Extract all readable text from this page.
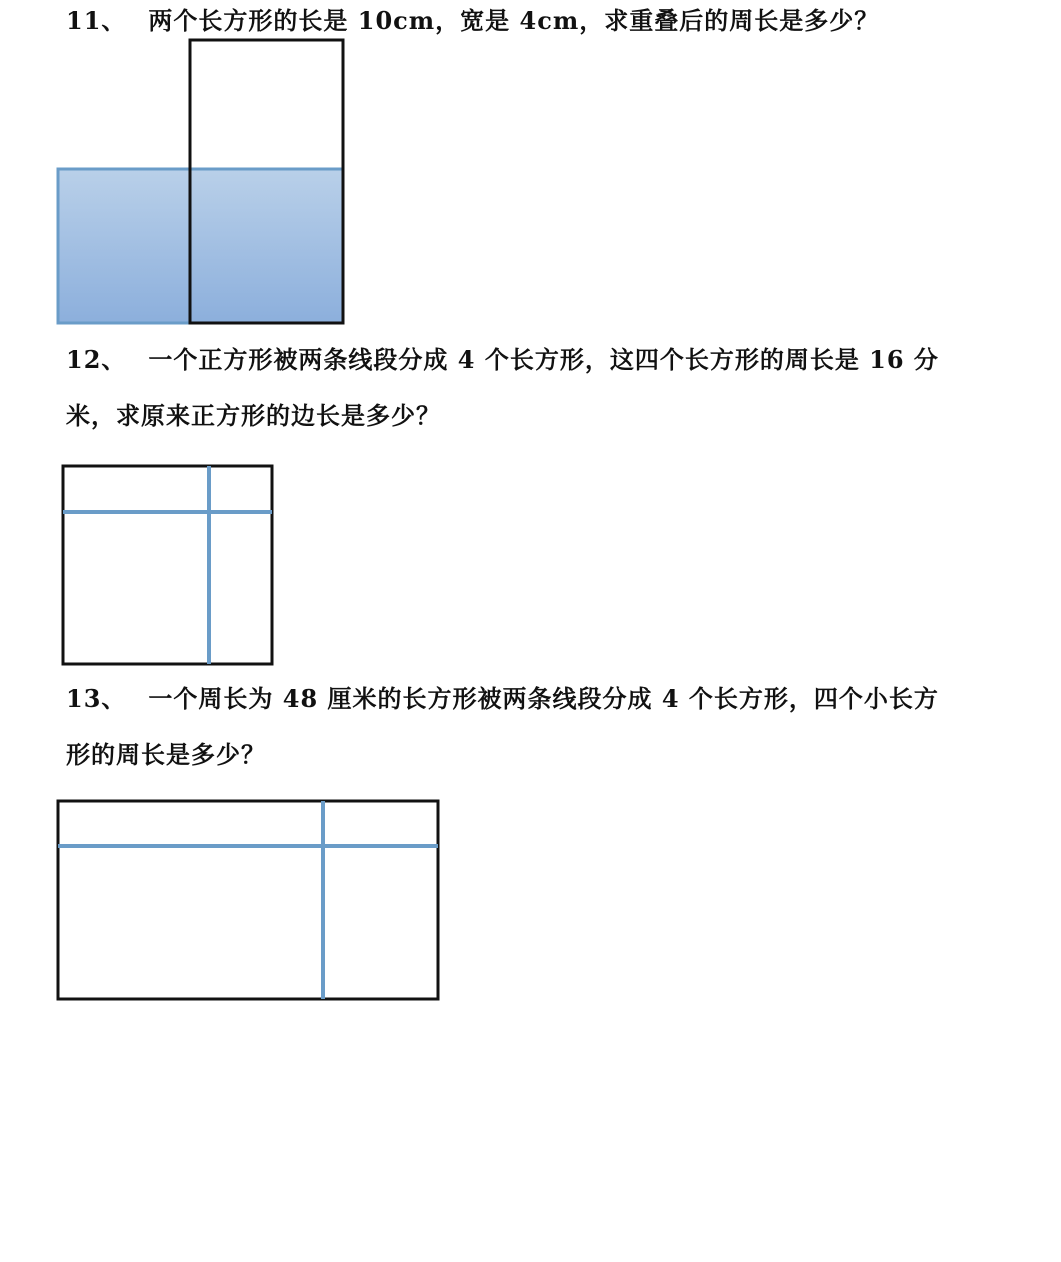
11、 两个长方形的长是 10cm，宽是 4cm，求重叠后的周长是多少？
12、 一个正方形被两条线段分成 4 个长方形，这四个长方形的周长是 16 分
米，求原来正方形的边长是多少？
13、 一个周长为 48 厘米的长方形被两条线段分成 4 个长方形，四个小长方
形的周长是多少？
